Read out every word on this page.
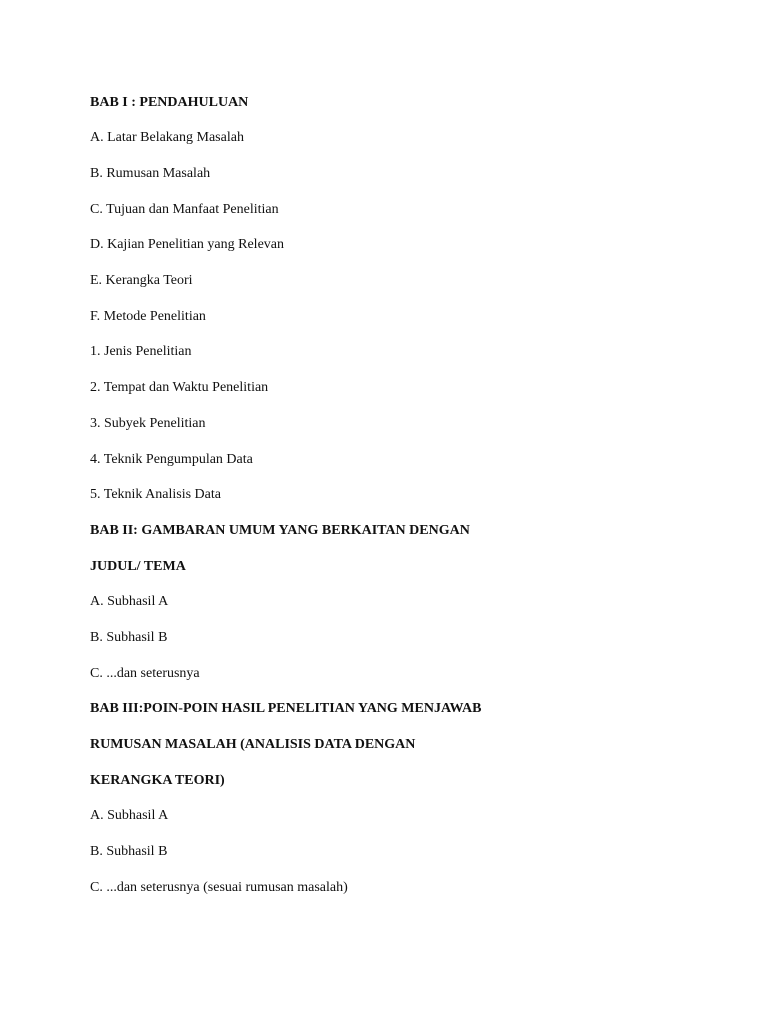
BAB I : PENDAHULUAN
A. Latar Belakang Masalah
B. Rumusan Masalah
C. Tujuan dan Manfaat Penelitian
D. Kajian Penelitian yang Relevan
E. Kerangka Teori
F. Metode Penelitian
1. Jenis Penelitian
2. Tempat dan Waktu Penelitian
3. Subyek Penelitian
4. Teknik Pengumpulan Data
5. Teknik Analisis Data
BAB II: GAMBARAN UMUM YANG BERKAITAN DENGAN
JUDUL/ TEMA
A. Subhasil A
B. Subhasil B
C. ...dan seterusnya
BAB III:POIN-POIN HASIL PENELITIAN YANG MENJAWAB
RUMUSAN MASALAH (ANALISIS DATA DENGAN
KERANGKA TEORI)
A. Subhasil A
B. Subhasil B
C. ...dan seterusnya (sesuai rumusan masalah)
